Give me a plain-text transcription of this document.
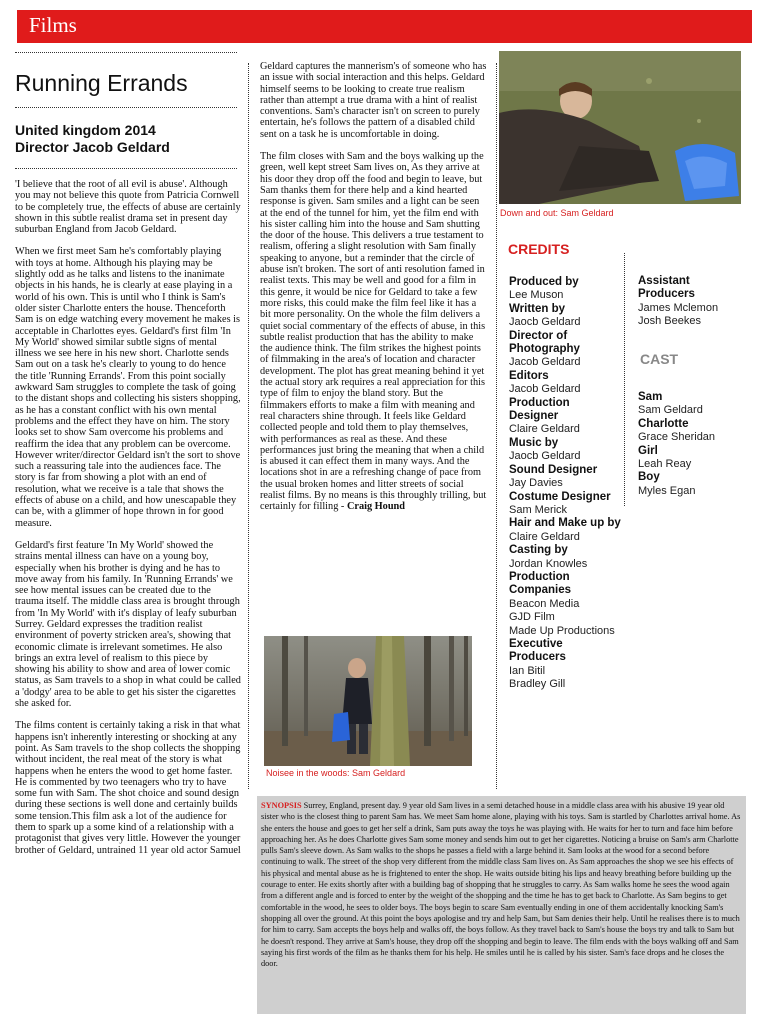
Films
Running Errands
United kingdom 2014
Director Jacob Geldard

'I believe that the root of all evil is abuse'. Although you may not believe this quote from Patricia Cornwell to be completely true, the effects of abuse are certainly shown in this subtle realist drama set in present day suburban England from Jacob Geldard.

When we first meet Sam he's comfortably playing with toys at home. Although his playing may be slightly odd as he talks and listens to the inanimate objects in his hands, he is clearly at ease playing in a world of his own. This is until who I think is Sam's older sister Charlotte enters the house. Thenceforth Sam is on edge watching every movement he makes is acceptable in Charlottes eyes. Geldard's first film 'In My World' showed similar subtle signs of mental illness we see here in his new short. Charlotte sends Sam out on a task he's clearly to young to do hence the title 'Running Errands'. From this point socially awkward Sam struggles to complete the task of going to the distant shops and collecting his sisters shopping, as he has a constant conflict with his own mental problems and the effect they have on him. The story looks set to show Sam overcome his problems and reaffirm the idea that any problem can be overcome. However writer/director Geldard isn't the sort to shove such a reassuring tale into the audiences face. The story is far from showing a plot with an end of resolution, what we receive is a tale that shows the effects of abuse on a child, and how unescapable they can be, with a glimmer of hope thrown in for good measure.

Geldard's first feature 'In My World' showed the strains mental illness can have on a young boy, especially when his brother is dying and he has to move away from his family. In 'Running Errands' we see how mental issues can be created due to the trauma itself. The middle class area is brought through from 'In My World' with it's display of leafy suburban Surrey. Geldard expresses the tradition realist environment of poverty stricken area's, showing that economic climate is irrelevant sometimes. He also brings an extra level of realism to this piece by showing his ability to show and area of lower comic status, as Sam travels to a shop in what could be called a 'dodgy' area to be able to get his sister the cigarettes she asked for.

The films content is certainly taking a risk in that what happens isn't inherently interesting or shocking at any point. As Sam travels to the shop collects the shopping without incident, the real meat of the story is what happens when he enters the wood to get home faster. He is commented by two teenagers who try to have some fun with Sam. The shot choice and sound design during these sections is well done and certainly builds some tension.This film ask a lot of the audience for them to spark up a some kind of a relationship with a protagonist that gives very little. However the younger brother of Geldard, untrained 11 year old actor Samuel

Geldard captures the mannerism's of someone who has an issue with social interaction and this helps. Geldard himself seems to be looking to create true realism rather than attempt a true drama with a hint of realist conventions. Sam's character isn't on screen to purely entertain, he's follows the pattern of a disabled child sent on a task he is uncomfortable in doing.

The film closes with Sam and the boys walking up the green, well kept street Sam lives on, As they arrive at his door they drop off the food and begin to leave, but Sam thanks them for there help and a kind hearted response is given. Sam smiles and a light can be seen at the end of the tunnel for him, yet the film end with his sister calling him into the house and Sam shutting the door of the house. This delivers a true testament to realism, offering a slight resolution with Sam finally speaking to anyone, but a reminder that the circle of abuse isn't broken. The sort of anti resolution famed in realist texts. This may be well and good for a film in this genre, it would be nice for Geldard to take a few more risks, this could make the film feel like it has a bit more personality. On the whole the film delivers a quiet social commentary of the effects of abuse, in this subtle realist production that has the ability to make the audience think. The film strikes the highest points of filmmaking in the area's of location and character development. The plot has great meaning behind it yet the actual story ark requires a real appreciation for this type of film to enjoy the bland story. But the filmmakers efforts to make a film with meaning and real characters shine through. It feels like Geldard collected people and told them to play themselves, with performances as real as these. And these performances just bring the meaning that when a child is abused it can effect them in many ways. And the locations shot in are a refreshing change of pace from the usual broken homes and litter streets of social realist films. By no means is this throughly trilling, but certainly for filling - Craig Hound

Noisee in the woods: Sam Geldard
Down and out: Sam Geldard
CREDITS
Produced by
Lee Muson
Written by
Jaocb Geldard
Director of Photography
Jacob Geldard
Editors
Jacob Geldard
Production Designer
Claire Geldard
Music by
Jaocb Geldard
Sound Designer
Jay Davies
Costume Designer
Sam Merick
Hair and Make up by
Claire Geldard
Casting by
Jordan Knowles
Production Companies
Beacon Media
GJD Film
Made Up Productions
Executive Producers
Ian Bitil
Bradley Gill
Assistant Producers
James Mclemon
Josh Beekes
CAST
Sam
Sam Geldard
Charlotte
Grace Sheridan
Girl
Leah Reay
Boy
Myles Egan
SYNOPSIS Surrey, England, present day. 9 year old Sam lives in a semi detached house in a middle class area with his abusive 19 year old sister who is the closest thing to parent Sam has. We meet Sam home alone, playing with his toys. Sam is startled by Charlottes arrival home. As she enters the house and goes to get her self a drink, Sam puts away the toys he was playing with. He waits for her to turn and face him before approaching her. As he does Charlotte gives Sam some money and sends him out to get her cigarettes. Noticing a bruise on Sam's arm Charlotte pulls Sam's sleeve down. As Sam walks to the shops he passes a field with a large behind it. Sam looks at the wood for a second before continuing to walk. The street of the shop very different from the middle class Sam lives on. As Sam approaches the shop we see his effects of his physical and mental abuse as he is frightened to enter the shop. He waits outside biting his lips and heavy breathing before building up the courage to enter. He exits shortly after with a building bag of shopping that he struggles to carry. As Sam walks home he sees the wood again from a different angle and is forced to enter by the weight of the shopping and the time he has to get back to Charlotte. As Sam begins to get comfortable in the wood, he sees to older boys. The boys begin to scare Sam eventually ending in one of them accidentally knocking Sam's shopping all over the ground. At this point the boys apologise and try and help Sam, but Sam denies their help. Until he realises there is to much for him to carry. Sam accepts the boys help and walks off, the boys follow. As they travel back to Sam's house the boys try and talk to Sam but he doesn't respond. They arrive at Sam's house, they drop off the shopping and begin to leave. The film ends with the boys walking off and Sam saying his first words of the film as he thanks them for his help. He smiles until he is called by his sister. Sam's face drops and he closes the door.
